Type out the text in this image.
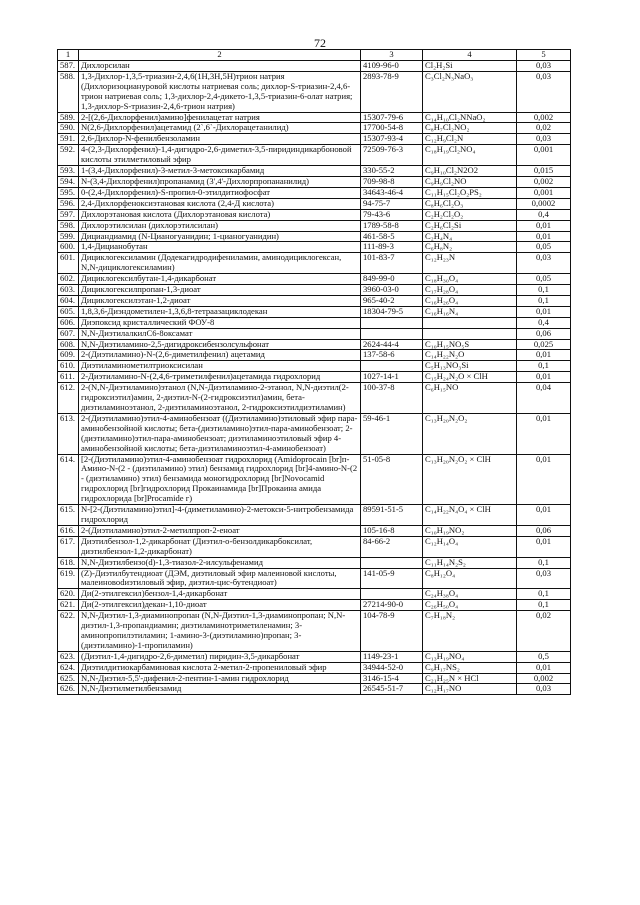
72
1	2	3	4	5
587.	Дихлорсилан	4109-96-0	Cl₂H₂Si	0,03
588.	1,3-Дихлор-1,3,5-триазин-2,4,6(1H,3H,5H)трион натрия (Дихлоризоциануровой кислоты натриевая соль; дихлор-S-триазин-2,4,6-трион натриевая соль; 1,3-дихлор-2,4-дикето-1,3,5-триазин-6-олат натрия; 1,3-дихлор-S-триазин-2,4,6-трион натрия)	2893-78-9	C₃Cl₂N₃NaO₃	0,03
589.	2-[(2,6-Дихлорфенил)амино]фенилацетат натрия	15307-79-6	C₁₄H₁₀Cl₂NNaO₂	0,002
590.	N(2,6-Дихлорфенил)ацетамид (2`,6`-Дихлорацетанилид)	17700-54-8	C₈H₇Cl₂NO₂	0,02
591.	2,6-Дихлор-N-фенилбензоламин	15307-93-4	C₁₂H₉Cl₂N	0,03
592.	4-(2,3-Дихлорфенил)-1,4-дигидро-2,6-диметил-3,5-пиридиндикарбоновой кислоты этилметиловый эфир	72509-76-3	C₁₈H₁₉Cl₂NO₄	0,001
593.	1-(3,4-Дихлорфенил)-3-метил-3-метоксикарбамид	330-55-2	C₉H₁₀Cl₂N2O2	0,015
594.	N-(3,4-Дихлорфенил)пропанамид (3',4'-Дихлорпропананилид)	709-98-8	C₉H₉Cl₂NO	0,002
595.	0-(2,4-Дихлорфенил)-S-пропил-0-этилдитиофосфат	34643-46-4	C₁₁H₁₅Cl₂O₂PS₂	0,001
596.	2,4-Дихлорфеноксиэтановая кислота (2,4-Д кислота)	94-75-7	C₈H₆Cl₂O₃	0,0002
597.	Дихлорэтановая кислота (Дихлорэтановая кислота)	79-43-6	C₂H₂Cl₂O₂	0,4
598.	Дихлорэтилсилан (дихлорэтилсилан)	1789-58-8	C₂H₆Cl₂Si	0,01
599.	Дициандиамид (N-Цианогуанидин; 1-цианогуанидин)	461-58-5	C₂H₄N₄	0,01
600.	1,4-Дицианобутан	111-89-3	C₆H₈N₂	0,05
601.	Дициклогексиламин (Додекагидродифениламин, аминодициклогексан, N,N-дициклогексиламин)	101-83-7	C₁₂H₂₃N	0,03
602.	Дициклогексилбутан-1,4-дикарбонат	849-99-0	C₁₈H₃₀O₄	0,05
603.	Дициклогексилпропан-1,3-диоат	3960-03-0	C₁₇H₂₈O₄	0,1
604.	Дициклогексилэтан-1,2-диоат	965-40-2	C₁₆H₂₆O₄	0,1
605.	1,8,3,6-Диэндометилен-1,3,6,8-тетраазациклодекан	18304-79-5	C₁₆H₁₆N₄	0,01
606.	Диэпоксид кристаллический ФОУ-8			0,4
607.	N,N-ДиэтилалкилС6-8оксамат			0,06
608.	N,N-Диэтиламино-2,5-дигидроксибензолсульфонат	2624-44-4	C₁₀H₁₅NO₅S	0,025
609.	2-(Диэтиламино)-N-(2,6-диметилфенил) ацетамид	137-58-6	C₁₄H₂₂N₂O	0,01
610.	Диэтиламинометилтриоксисилан		C₅H₁₃NO₃Si	0,1
611.	2-Диэтиламино-N-(2,4,6-триметилфенил)ацетамида гидрохлорид	1027-14-1	C₁₅H₂₄N₂O × ClH	0,01
612.	2-(N,N-Диэтиламино)этанол (N,N-Диэтиламино-2-этанол, N,N-диэтил(2-гидроксиэтил)амин, 2-диэтил-N-(2-гидроксиэтил)амин, бета-диэтиламиноэтанол, 2-диэтиламиноэтанол, 2-гидроксиэтилдиэтиламин)	100-37-8	C₆H₁₅NO	0,04
613.	2-(Диэтиламино)этил-4-аминобензоат ((Диэтиламино)этиловый эфир пара-аминобензойной кислоты; бета-(диэтиламино)этил-пара-аминобензоат; 2-(диэтиламино)этил-пара-аминобензоат; диэтиламиноэтиловый эфир 4-аминобензойной кислоты; бета-диэтиламиноэтил-4-аминобензоат)	59-46-1	C₁₃H₂₀N₂O₂	0,01
614.	[2-(Диэтиламино)этил-4-аминобензоат гидрохлорид (Amidoprocain [br]п-Амино-N-(2 - (диэтиламино) этил) бензамид гидрохлорид [br]4-амино-N-(2 - (диэтиламино) этил) бензамида моногидрохлорид [br]Novocamid гидрохлорид [br]гидрохлорид Прокаинамида [br]Прокаина амида гидрохлорида [br]Procamide г)	51-05-8	C₁₃H₂₀N₂O₂ × ClH	0,01
615.	N-[2-(Диэтиламино)этил]-4-(диметиламино)-2-метокси-5-нитробензамида гидрохлорид	89591-51-5	C₁₄H₂₂N₄O₄ × ClH	0,01
616.	2-(Диэтиламино)этил-2-метилпроп-2-еноат	105-16-8	C₁₀H₁₉NO₂	0,06
617.	Диэтилбензол-1,2-дикарбонат (Диэтил-о-бензолдикарбоксилат, диэтилбензол-1,2-дикарбонат)	84-66-2	C₁₂H₁₄O₄	0,01
618.	N,N-Диэтилбензо(d)-1,3-тиазол-2-илсульфенамид		C₁₁H₁₄N₂S₂	0,1
619.	(Z)-Диэтилбутендиоат (ДЭМ, диэтиловый эфир малеиновой кислоты, малеиновodиэтиловый эфир, диэтил-цис-бутендиоат)	141-05-9	C₈H₁₂O₄	0,03
620.	Ди(2-этилгексил)бензол-1,4-дикарбонат		C₂₄H₃₈O₄	0,1
621.	Ди(2-этилгексил)декан-1,10-диоат	27214-90-0	C₂₆H₅₀O₄	0,1
622.	N,N-Диэтил-1,3-диаминопропан (N,N-Диэтил-1,3-диаминопропан; N,N-диэтил-1,3-пропандиамин; диэтиламинотриметиленамин; 3-аминопропилэтиламин; 1-амино-3-(диэтиламино)пропан; 3-(диэтиламино)-1-пропиламин)	104-78-9	C₇H₁₈N₂	0,02
623.	(Диэтил-1,4-дигидро-2,6-диметил) пиридин-3,5-дикарбонат	1149-23-1	C₁₃H₁₉NO₄	0,5
624.	Диэтилдитиокарбаминовая кислота 2-метил-2-пропениловый эфир	34944-52-0	C₉H₁₇NS₂	0,01
625.	N,N-Диэтил-5,5'-дифенил-2-пентин-1-амин гидрохлорид	3146-15-4	C₂₁H₂₅N × HCl	0,002
626.	N,N-Диэтилметилбензамид	26545-51-7	C₁₂H₁₇NO	0,03
